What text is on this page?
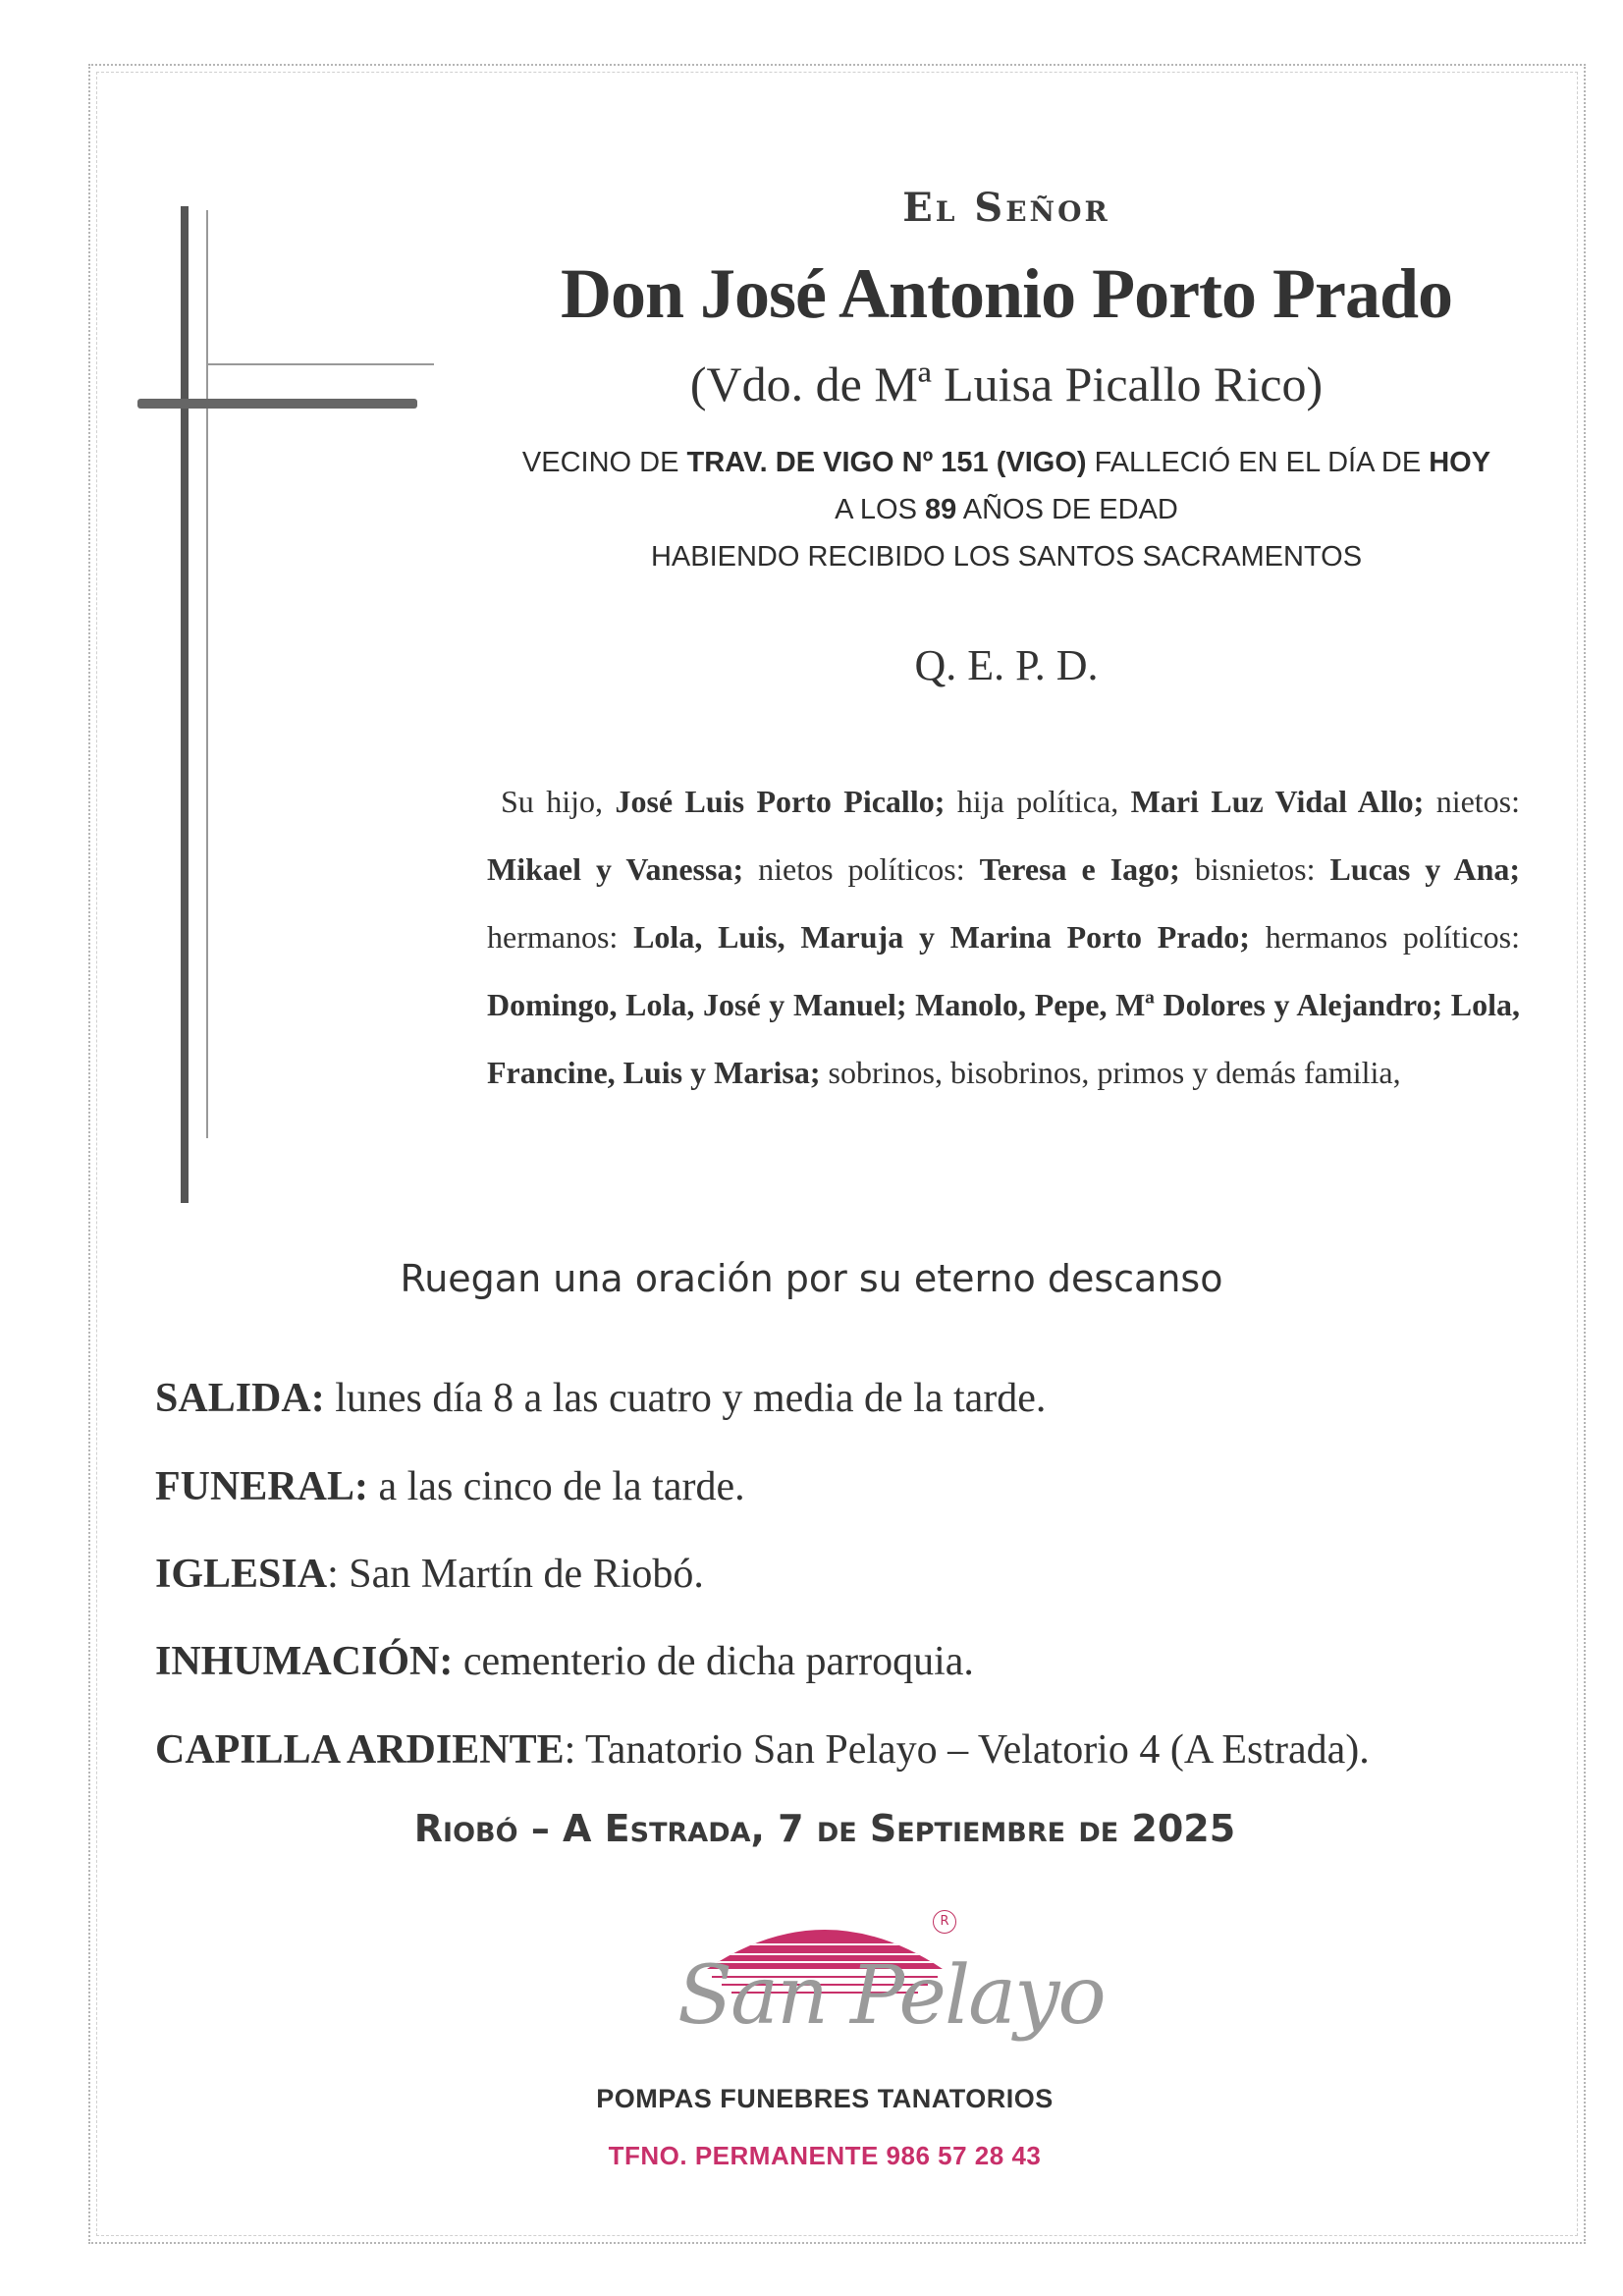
El Señor
Don José Antonio Porto Prado
(Vdo. de Mª Luisa Picallo Rico)
VECINO DE TRAV. DE VIGO Nº 151 (VIGO) FALLECIÓ EN EL DÍA DE HOY
A LOS 89 AÑOS DE EDAD
HABIENDO RECIBIDO LOS SANTOS SACRAMENTOS
Q. E. P. D.
Su hijo, José Luis Porto Picallo; hija política, Mari Luz Vidal Allo; nietos: Mikael y Vanessa; nietos políticos: Teresa e Iago; bisnietos: Lucas y Ana; hermanos: Lola, Luis, Maruja y Marina Porto Prado; hermanos políticos: Domingo, Lola, José y Manuel; Manolo, Pepe, Mª Dolores y Alejandro; Lola, Francine, Luis y Marisa; sobrinos, bisobrinos, primos y demás familia,
Ruegan una oración por su eterno descanso
SALIDA: lunes día 8 a las cuatro y media de la tarde.
FUNERAL: a las cinco de la tarde.
IGLESIA: San Martín de Riobó.
INHUMACIÓN: cementerio de dicha parroquia.
CAPILLA ARDIENTE: Tanatorio San Pelayo – Velatorio 4 (A Estrada).
Riobó – A Estrada, 7 de Septiembre de 2025
San Pelayo
R
POMPAS FUNEBRES TANATORIOS
TFNO. PERMANENTE 986 57 28 43
